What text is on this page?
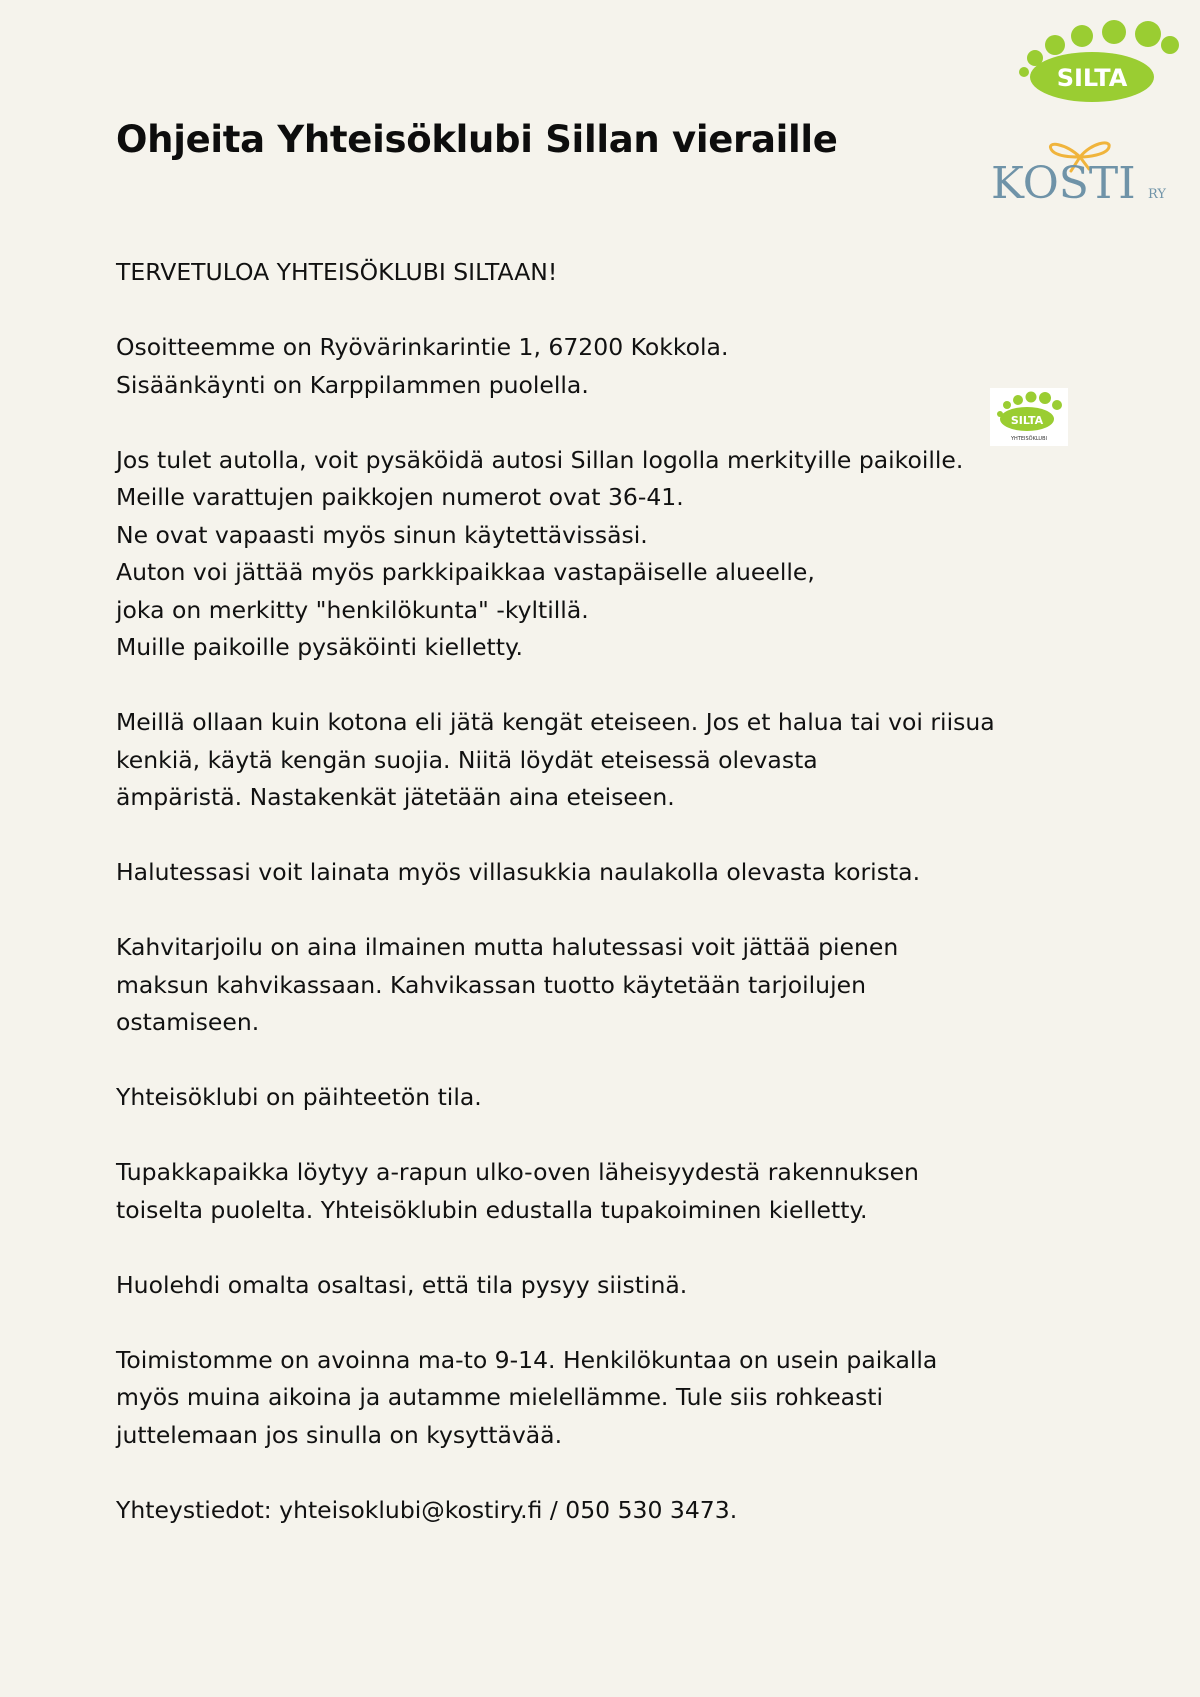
SILTA
KOSTI RY
SILTA
YHTEISÖKLUBI
Ohjeita Yhteisöklubi Sillan vieraille

TERVETULOA YHTEISÖKLUBI SILTAAN!

Osoitteemme on Ryövärinkarintie 1, 67200 Kokkola.
Sisäänkäynti on Karppilammen puolella.

Jos tulet autolla, voit pysäköidä autosi Sillan logolla merkityille paikoille.
Meille varattujen paikkojen numerot ovat 36-41.
Ne ovat vapaasti myös sinun käytettävissäsi.
Auton voi jättää myös parkkipaikkaa vastapäiselle alueelle,
joka on merkitty "henkilökunta" -kyltillä.
Muille paikoille pysäköinti kielletty.

Meillä ollaan kuin kotona eli jätä kengät eteiseen. Jos et halua tai voi riisua
kenkiä, käytä kengän suojia. Niitä löydät eteisessä olevasta
ämpäristä. Nastakenkät jätetään aina eteiseen.

Halutessasi voit lainata myös villasukkia naulakolla olevasta korista.

Kahvitarjoilu on aina ilmainen mutta halutessasi voit jättää pienen
maksun kahvikassaan. Kahvikassan tuotto käytetään tarjoilujen
ostamiseen.

Yhteisöklubi on päihteetön tila.

Tupakkapaikka löytyy a-rapun ulko-oven läheisyydestä rakennuksen
toiselta puolelta. Yhteisöklubin edustalla tupakoiminen kielletty.

Huolehdi omalta osaltasi, että tila pysyy siistinä.

Toimistomme on avoinna ma-to 9-14. Henkilökuntaa on usein paikalla
myös muina aikoina ja autamme mielellämme. Tule siis rohkeasti
juttelemaan jos sinulla on kysyttävää.

Yhteystiedot: yhteisoklubi@kostiry.fi / 050 530 3473.
